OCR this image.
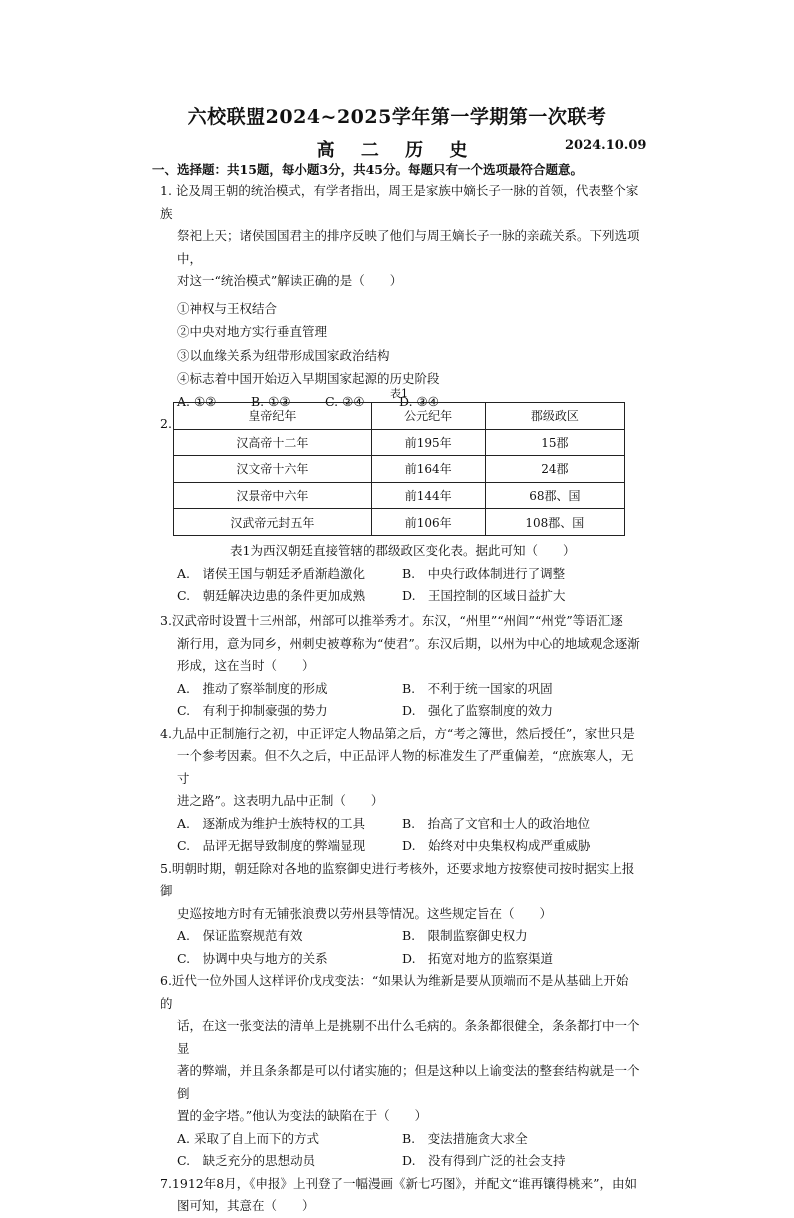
六校联盟2024~2025学年第一学期第一次联考
高 二 历 史	2024.10.09
一、选择题：共15题，每小题3分，共45分。每题只有一个选项最符合题意。

1. 论及周王朝的统治模式，有学者指出，周王是家族中嫡长子一脉的首领，代表整个家族

祭祀上天；诸侯国国君主的排序反映了他们与周王嫡长子一脉的亲疏关系。下列选项中，

对这一“统治模式”解读正确的是（　　）

①神权与王权结合

②中央对地方实行垂直管理

③以血缘关系为纽带形成国家政治结构

④标志着中国开始迈入早期国家起源的历史阶段

A. ①②	B. ①③	C. ②④	D. ③④

2.

表1
皇帝纪年	公元纪年	郡级政区
汉高帝十二年	前195年	15郡
汉文帝十六年	前164年	24郡
汉景帝中六年	前144年	68郡、国
汉武帝元封五年	前106年	108郡、国

表1为西汉朝廷直接管辖的郡级政区变化表。据此可知（　　）

A.　诸侯王国与朝廷矛盾渐趋激化	B.　中央行政体制进行了调整
C.　朝廷解决边患的条件更加成熟	D.　王国控制的区域日益扩大

3.汉武帝时设置十三州部，州部可以推举秀才。东汉，“州里”“州闾”“州党”等语汇逐

渐行用，意为同乡，州刺史被尊称为“使君”。东汉后期，以州为中心的地域观念逐渐

形成，这在当时（　　）

A.　推动了察举制度的形成	B.　不利于统一国家的巩固
C.　有利于抑制豪强的势力	D.　强化了监察制度的效力

4.九品中正制施行之初，中正评定人物品第之后，方“考之簿世，然后授任”，家世只是

一个参考因素。但不久之后，中正品评人物的标准发生了严重偏差，“庶族寒人，无寸

进之路”。这表明九品中正制（　　）

A.　逐渐成为维护士族特权的工具	B.　抬高了文官和士人的政治地位
C.　品评无据导致制度的弊端显现	D.　始终对中央集权构成严重威胁

5.明朝时期，朝廷除对各地的监察御史进行考核外，还要求地方按察使司按时据实上报御

史巡按地方时有无铺张浪费以劳州县等情况。这些规定旨在（　　）

A.　保证监察规范有效	B.　限制监察御史权力
C.　协调中央与地方的关系	D.　拓宽对地方的监察渠道

6.近代一位外国人这样评价戊戌变法：“如果认为维新是要从顶端而不是从基础上开始的

话，在这一张变法的清单上是挑剔不出什么毛病的。条条都很健全，条条都打中一个显

著的弊端，并且条条都是可以付诸实施的；但是这种以上谕变法的整套结构就是一个倒

置的金字塔。”他认为变法的缺陷在于（　　）

A. 采取了自上而下的方式	B.　变法措施贪大求全
C.　缺乏充分的思想动员	D.　没有得到广泛的社会支持

7.1912年8月，《申报》上刊登了一幅漫画《新七巧图》，并配文“谁再镶得桃来”，由如

图可知，其意在（　　）
